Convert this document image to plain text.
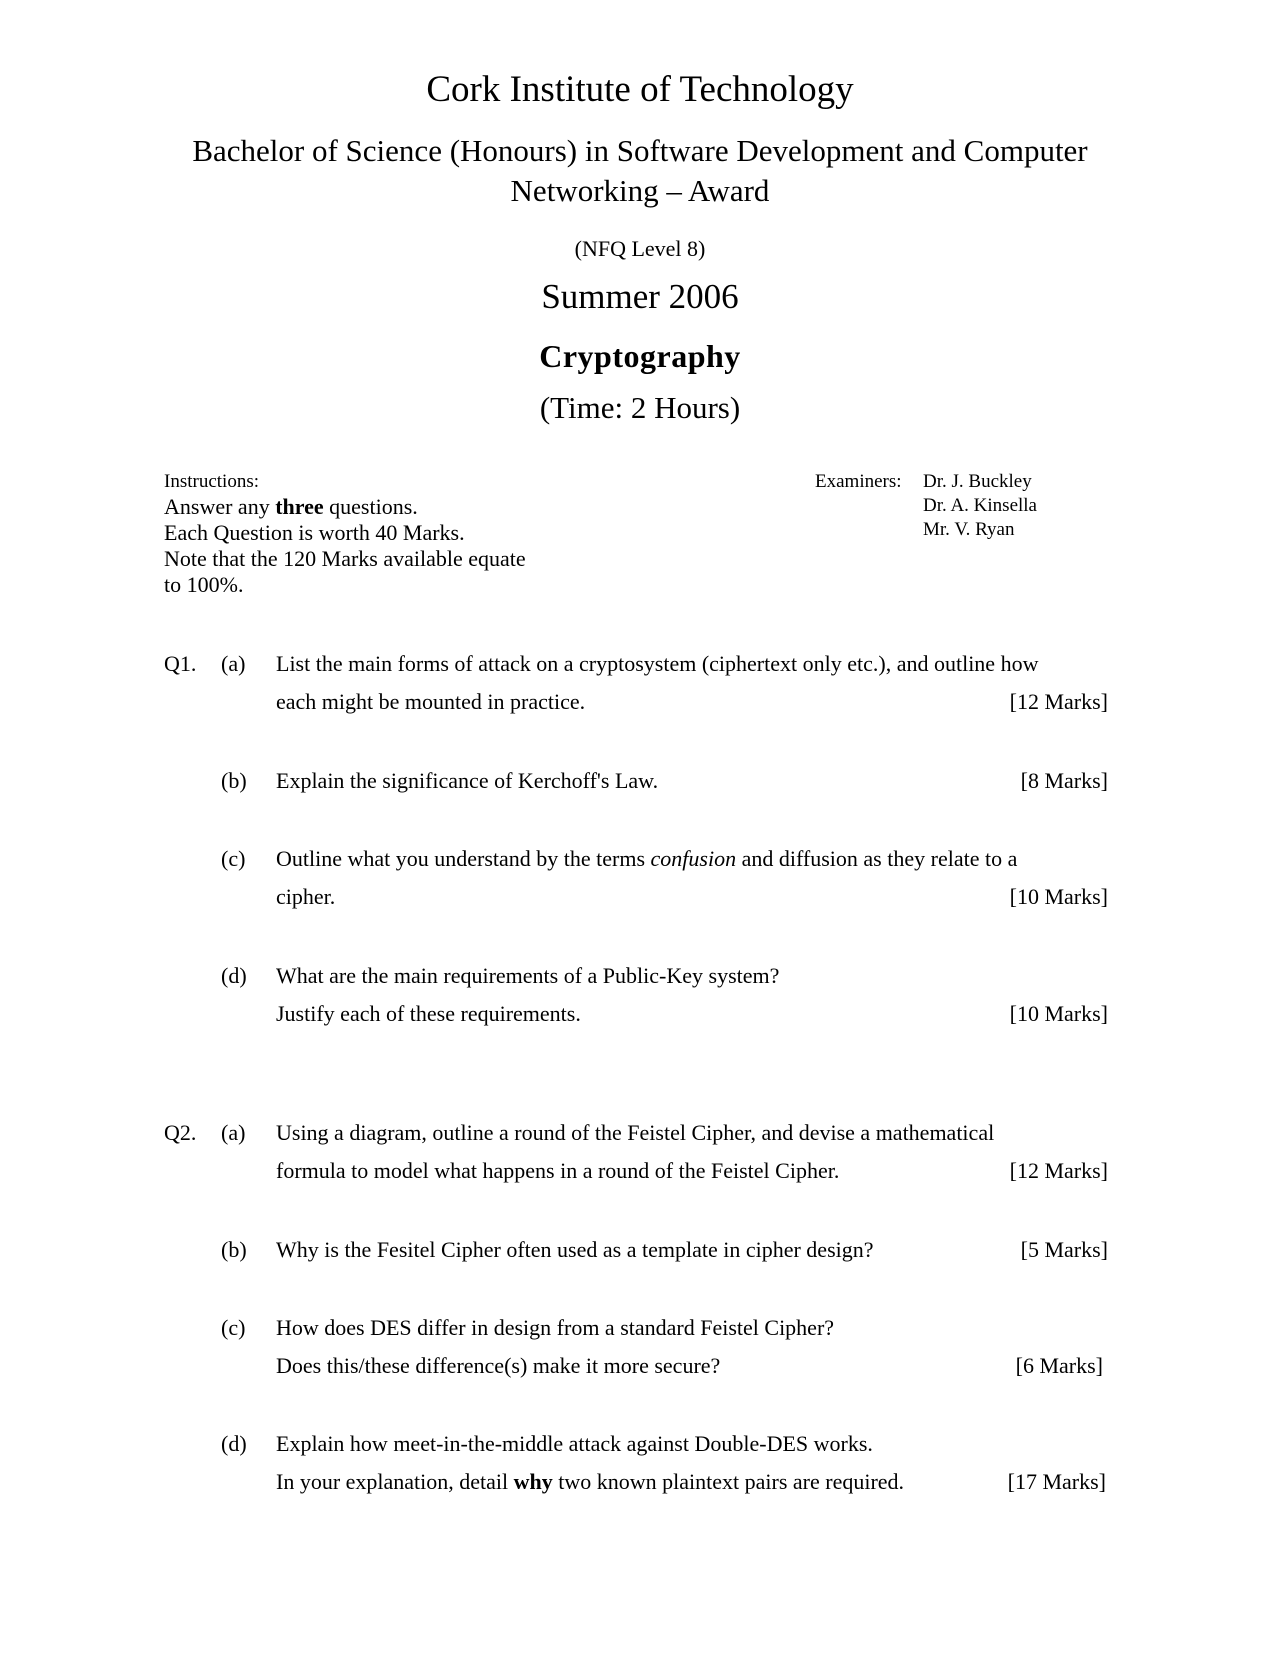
Cork Institute of Technology
Bachelor of Science (Honours) in Software Development and Computer
Networking – Award
(NFQ Level 8)
Summer 2006
Cryptography
(Time: 2 Hours)
Instructions:
Answer any three questions.
Each Question is worth 40 Marks.
Note that the 120 Marks available equate
to 100%.
Examiners: Dr. J. Buckley
Dr. A. Kinsella
Mr. V. Ryan
Q1. (a) List the main forms of attack on a cryptosystem (ciphertext only etc.), and outline how
each might be mounted in practice.	[12 Marks]
(b) Explain the significance of Kerchoff's Law.	[8 Marks]
(c) Outline what you understand by the terms confusion and diffusion as they relate to a
cipher.	[10 Marks]
(d) What are the main requirements of a Public-Key system?
Justify each of these requirements.	[10 Marks]
Q2. (a) Using a diagram, outline a round of the Feistel Cipher, and devise a mathematical
formula to model what happens in a round of the Feistel Cipher.	[12 Marks]
(b) Why is the Fesitel Cipher often used as a template in cipher design?	[5 Marks]
(c) How does DES differ in design from a standard Feistel Cipher?
Does this/these difference(s) make it more secure?	[6 Marks]
(d) Explain how meet-in-the-middle attack against Double-DES works.
In your explanation, detail why two known plaintext pairs are required.	[17 Marks]
